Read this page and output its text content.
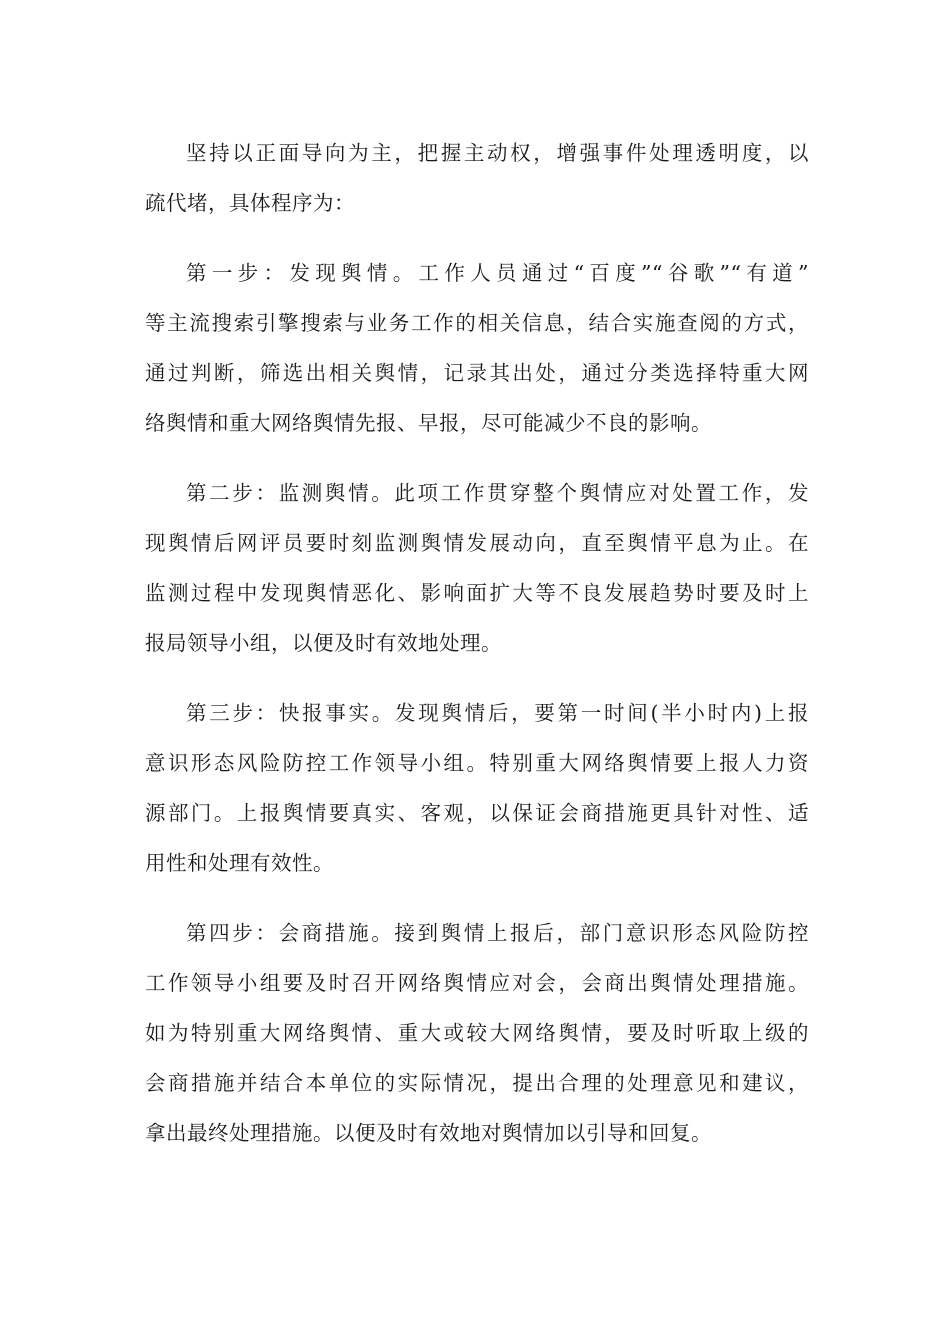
坚持以正面导向为主，把握主动权，增强事件处理透明度，以
疏代堵，具体程序为：
第一步：发现舆情。工作人员通过“百度”“谷歌”“有道”
等主流搜索引擎搜索与业务工作的相关信息，结合实施查阅的方式，
通过判断，筛选出相关舆情，记录其出处，通过分类选择特重大网
络舆情和重大网络舆情先报、早报，尽可能减少不良的影响。
第二步：监测舆情。此项工作贯穿整个舆情应对处置工作，发
现舆情后网评员要时刻监测舆情发展动向，直至舆情平息为止。在
监测过程中发现舆情恶化、影响面扩大等不良发展趋势时要及时上
报局领导小组，以便及时有效地处理。
第三步：快报事实。发现舆情后，要第一时间(半小时内)上报
意识形态风险防控工作领导小组。特别重大网络舆情要上报人力资
源部门。上报舆情要真实、客观，以保证会商措施更具针对性、适
用性和处理有效性。
第四步：会商措施。接到舆情上报后，部门意识形态风险防控
工作领导小组要及时召开网络舆情应对会，会商出舆情处理措施。
如为特别重大网络舆情、重大或较大网络舆情，要及时听取上级的
会商措施并结合本单位的实际情况，提出合理的处理意见和建议，
拿出最终处理措施。以便及时有效地对舆情加以引导和回复。
